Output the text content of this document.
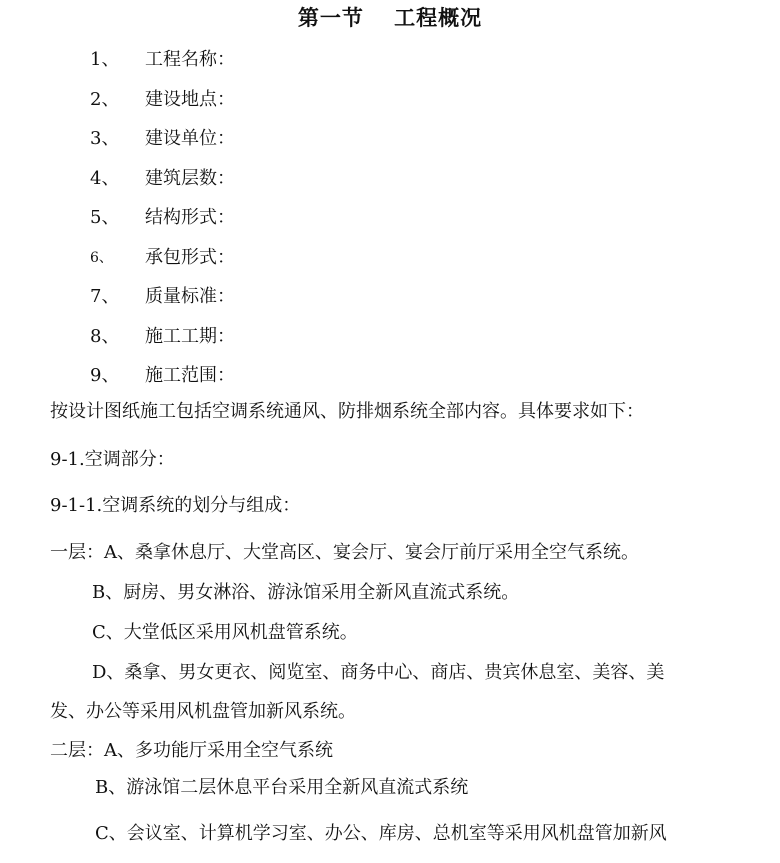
第一节　 工程概况
1、	工程名称：
2、	建设地点：
3、	建设单位：
4、	建筑层数：
5、	结构形式：
6、	承包形式：
7、	质量标准：
8、	施工工期：
9、	施工范围：
按设计图纸施工包括空调系统通风、防排烟系统全部内容。具体要求如下：
9-1.空调部分：
9-1-1.空调系统的划分与组成：
一层：A、桑拿休息厅、大堂高区、宴会厅、宴会厅前厅采用全空气系统。
B、厨房、男女淋浴、游泳馆采用全新风直流式系统。
C、大堂低区采用风机盘管系统。
D、桑拿、男女更衣、阅览室、商务中心、商店、贵宾休息室、美容、美
发、办公等采用风机盘管加新风系统。
二层：A、多功能厅采用全空气系统
B、游泳馆二层休息平台采用全新风直流式系统
C、会议室、计算机学习室、办公、库房、总机室等采用风机盘管加新风
